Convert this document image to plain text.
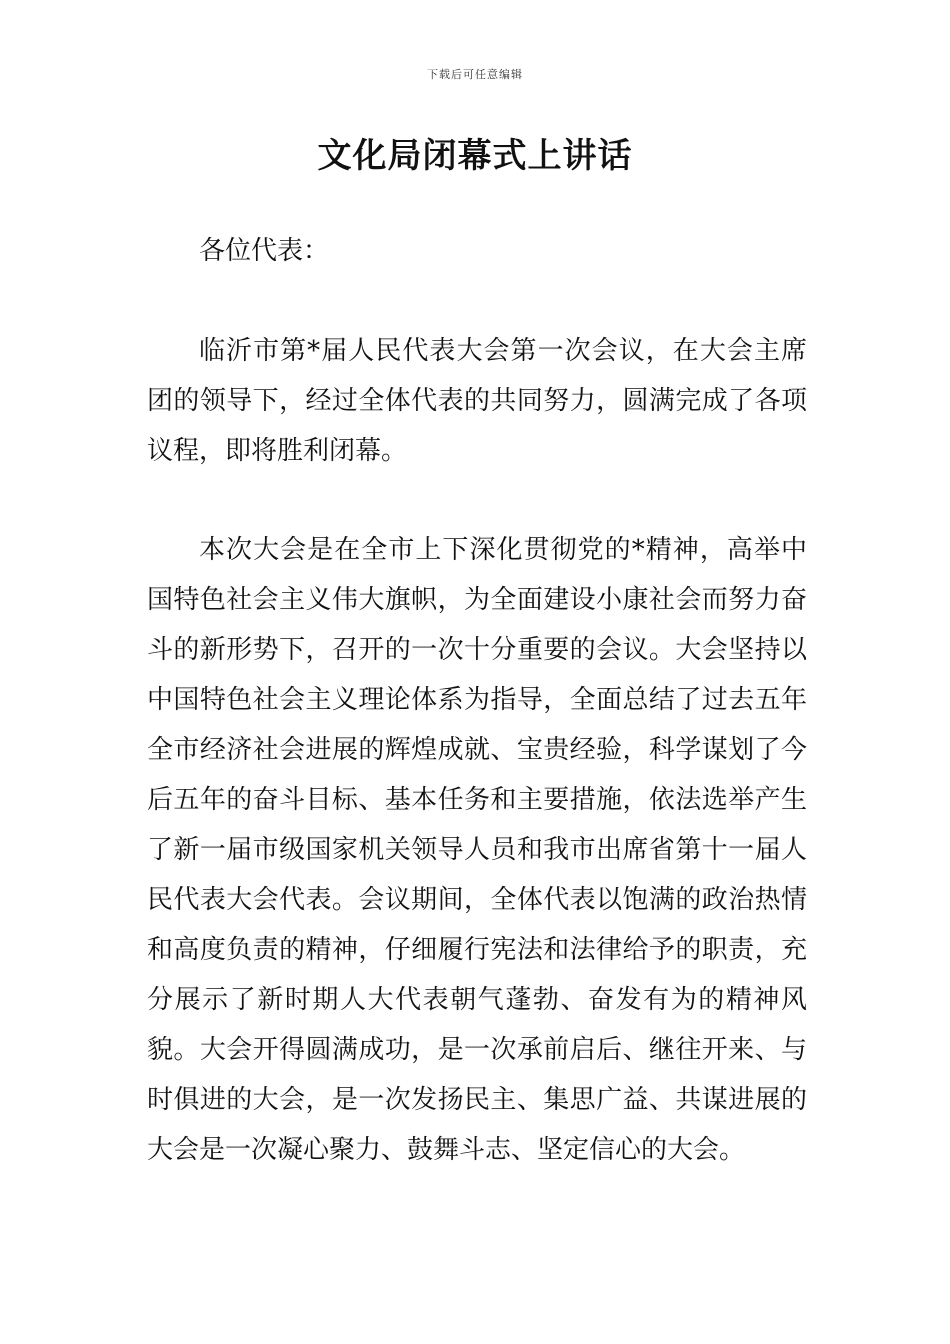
下载后可任意编辑
文化局闭幕式上讲话
各位代表：
临沂市第*届人民代表大会第一次会议，在大会主席团的领导下，经过全体代表的共同努力，圆满完成了各项议程，即将胜利闭幕。
本次大会是在全市上下深化贯彻党的*精神，高举中国特色社会主义伟大旗帜，为全面建设小康社会而努力奋斗的新形势下，召开的一次十分重要的会议。大会坚持以中国特色社会主义理论体系为指导，全面总结了过去五年全市经济社会进展的辉煌成就、宝贵经验，科学谋划了今后五年的奋斗目标、基本任务和主要措施，依法选举产生了新一届市级国家机关领导人员和我市出席省第十一届人民代表大会代表。会议期间，全体代表以饱满的政治热情和高度负责的精神，仔细履行宪法和法律给予的职责，充分展示了新时期人大代表朝气蓬勃、奋发有为的精神风貌。大会开得圆满成功，是一次承前启后、继往开来、与时俱进的大会，是一次发扬民主、集思广益、共谋进展的大会是一次凝心聚力、鼓舞斗志、坚定信心的大会。
